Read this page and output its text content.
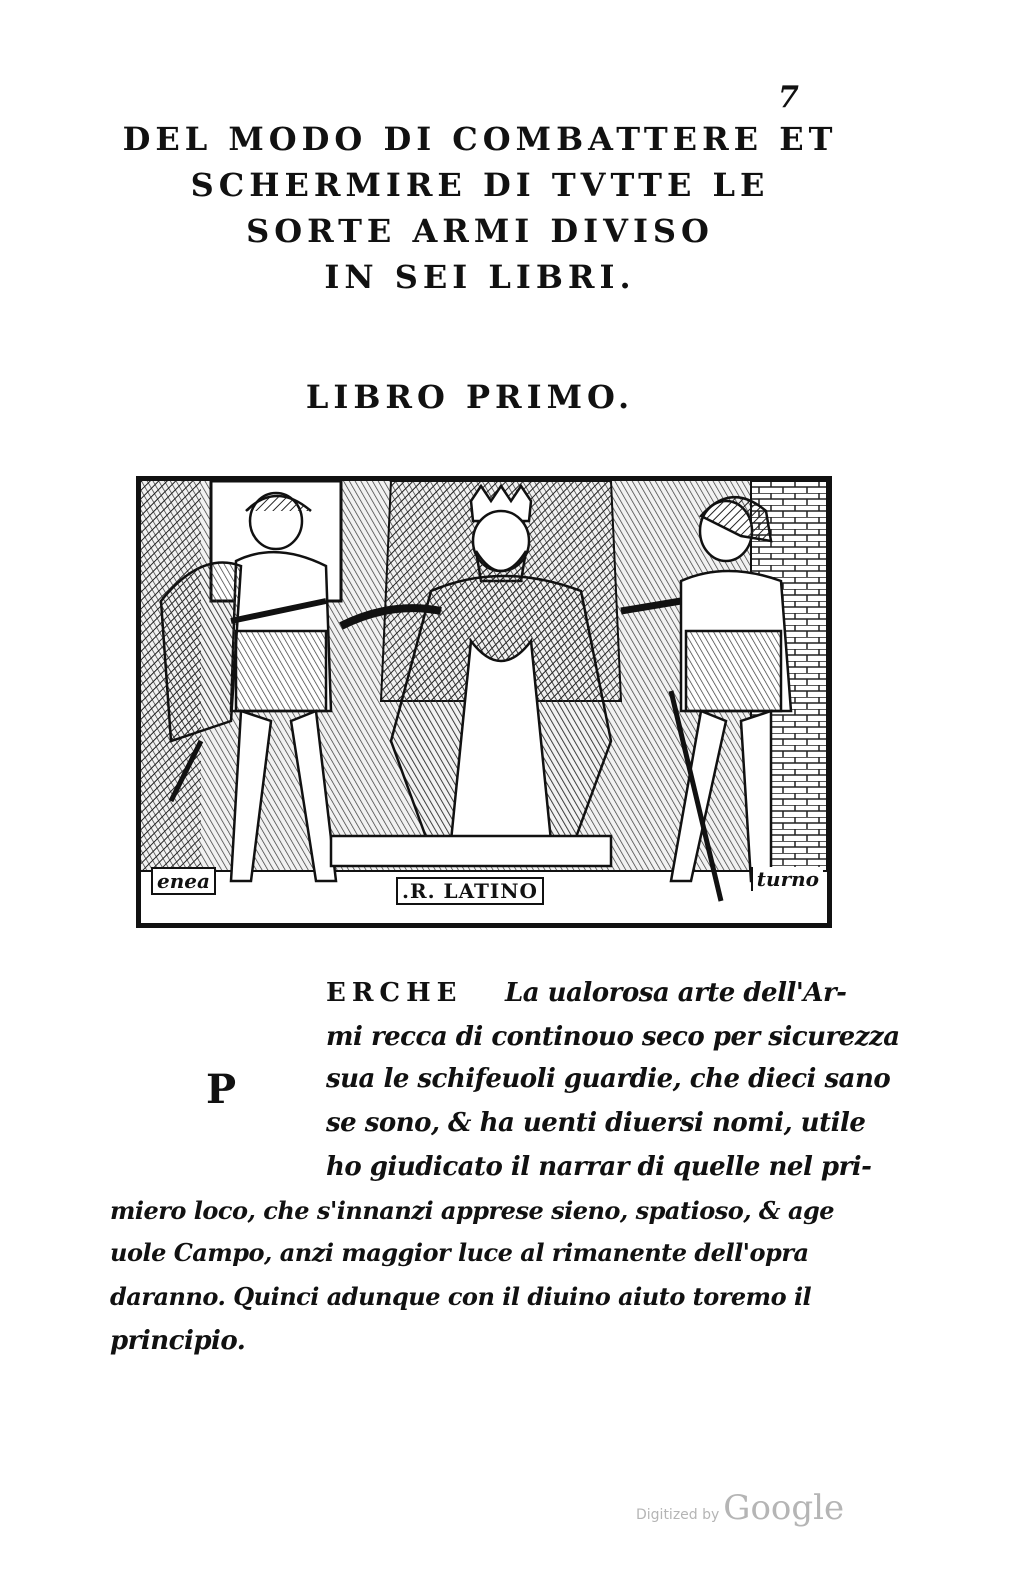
7
DEL MODO DI COMBATTERE ET
SCHERMIRE DI TVTTE LE
SORTE ARMI DIVISO
IN SEI LIBRI.
LIBRO PRIMO.
enea	.R. LATINO	turno
P
ERCHE La ualorosa arte dell'Ar-
mi recca di continouo seco per sicurezza
sua le schifeuoli guardie, che dieci sano
se sono, & ha uenti diuersi nomi, utile
ho giudicato il narrar di quelle nel pri-
miero loco, che s'innanzi apprese sieno, spatioso, & age
uole Campo, anzi maggior luce al rimanente dell'opra
daranno. Quinci adunque con il diuino aiuto toremo il
principio.
Digitized by Google
